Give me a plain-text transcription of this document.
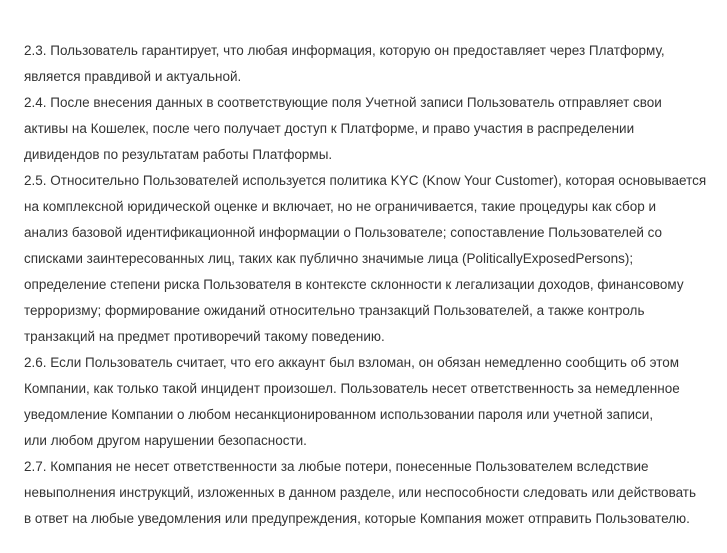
2.3. Пользователь гарантирует, что любая информация, которую он предоставляет через Платформу,
является правдивой и актуальной.
2.4. После внесения данных в соответствующие поля Учетной записи Пользователь отправляет свои
активы на Кошелек, после чего получает доступ к Платформе, и право участия в распределении
дивидендов по результатам работы Платформы.
2.5. Относительно Пользователей используется политика KYC (Know Your Customer), которая основывается
на комплексной юридической оценке и включает, но не ограничивается, такие процедуры как сбор и
анализ базовой идентификационной информации о Пользователе; сопоставление Пользователей со
списками заинтересованных лиц, таких как публично значимые лица (PoliticallyExposedPersons);
определение степени риска Пользователя в контексте склонности к легализации доходов, финансовому
терроризму; формирование ожиданий относительно транзакций Пользователей, а также контроль
транзакций на предмет противоречий такому поведению.
2.6. Если Пользователь считает, что его аккаунт был взломан, он обязан немедленно сообщить об этом
Компании, как только такой инцидент произошел. Пользователь несет ответственность за немедленное
уведомление Компании о любом несанкционированном использовании пароля или учетной записи,
или любом другом нарушении безопасности.
2.7. Компания не несет ответственности за любые потери, понесенные Пользователем вследствие
невыполнения инструкций, изложенных в данном разделе, или неспособности следовать или действовать
в ответ на любые уведомления или предупреждения, которые Компания может отправить Пользователю.
